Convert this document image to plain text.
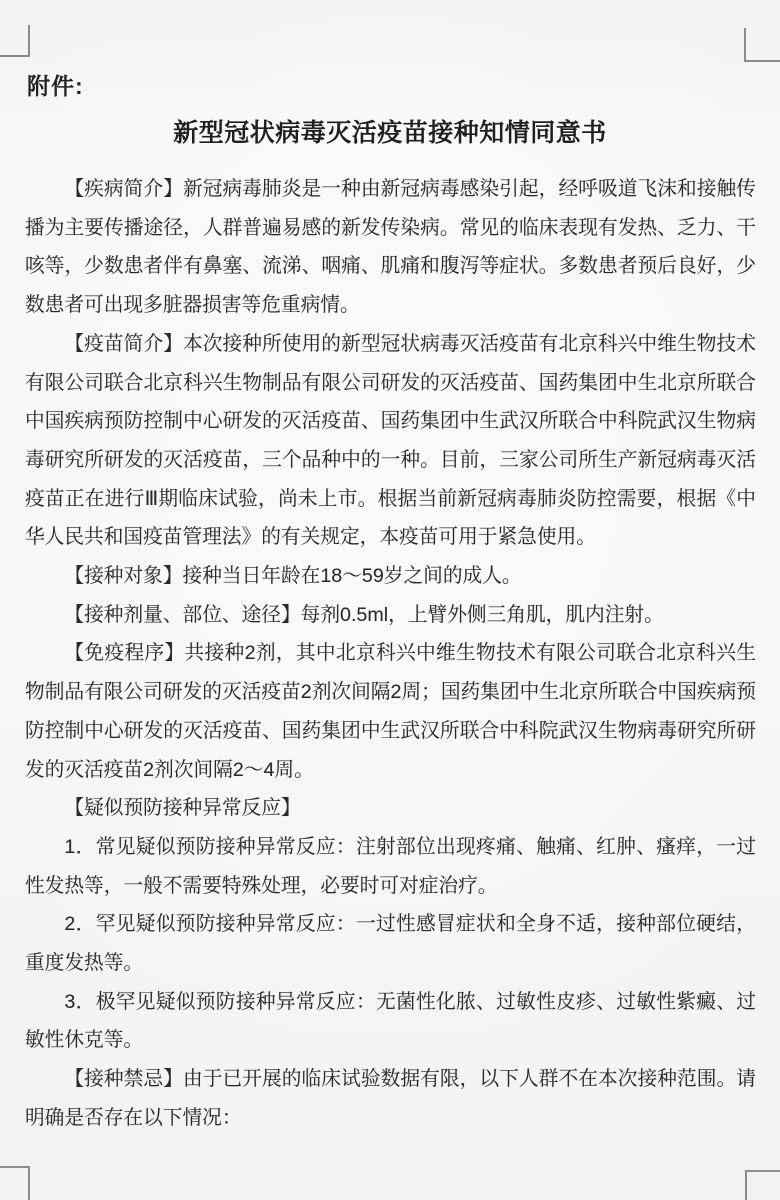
附件:
新型冠状病毒灭活疫苗接种知情同意书

【疾病简介】新冠病毒肺炎是一种由新冠病毒感染引起，经呼吸道飞沫和接触传播为主要传播途径，人群普遍易感的新发传染病。常见的临床表现有发热、乏力、干咳等，少数患者伴有鼻塞、流涕、咽痛、肌痛和腹泻等症状。多数患者预后良好，少数患者可出现多脏器损害等危重病情。

【疫苗简介】本次接种所使用的新型冠状病毒灭活疫苗有北京科兴中维生物技术有限公司联合北京科兴生物制品有限公司研发的灭活疫苗、国药集团中生北京所联合中国疾病预防控制中心研发的灭活疫苗、国药集团中生武汉所联合中科院武汉生物病毒研究所研发的灭活疫苗，三个品种中的一种。目前，三家公司所生产新冠病毒灭活疫苗正在进行Ⅲ期临床试验，尚未上市。根据当前新冠病毒肺炎防控需要，根据《中华人民共和国疫苗管理法》的有关规定，本疫苗可用于紧急使用。

【接种对象】接种当日年龄在18～59岁之间的成人。

【接种剂量、部位、途径】每剂0.5ml，上臂外侧三角肌，肌内注射。

【免疫程序】共接种2剂，其中北京科兴中维生物技术有限公司联合北京科兴生物制品有限公司研发的灭活疫苗2剂次间隔2周；国药集团中生北京所联合中国疾病预防控制中心研发的灭活疫苗、国药集团中生武汉所联合中科院武汉生物病毒研究所研发的灭活疫苗2剂次间隔2～4周。

【疑似预防接种异常反应】

1．常见疑似预防接种异常反应：注射部位出现疼痛、触痛、红肿、瘙痒，一过性发热等，一般不需要特殊处理，必要时可对症治疗。

2．罕见疑似预防接种异常反应：一过性感冒症状和全身不适，接种部位硬结，重度发热等。

3．极罕见疑似预防接种异常反应：无菌性化脓、过敏性皮疹、过敏性紫癜、过敏性休克等。

【接种禁忌】由于已开展的临床试验数据有限，以下人群不在本次接种范围。请明确是否存在以下情况：
